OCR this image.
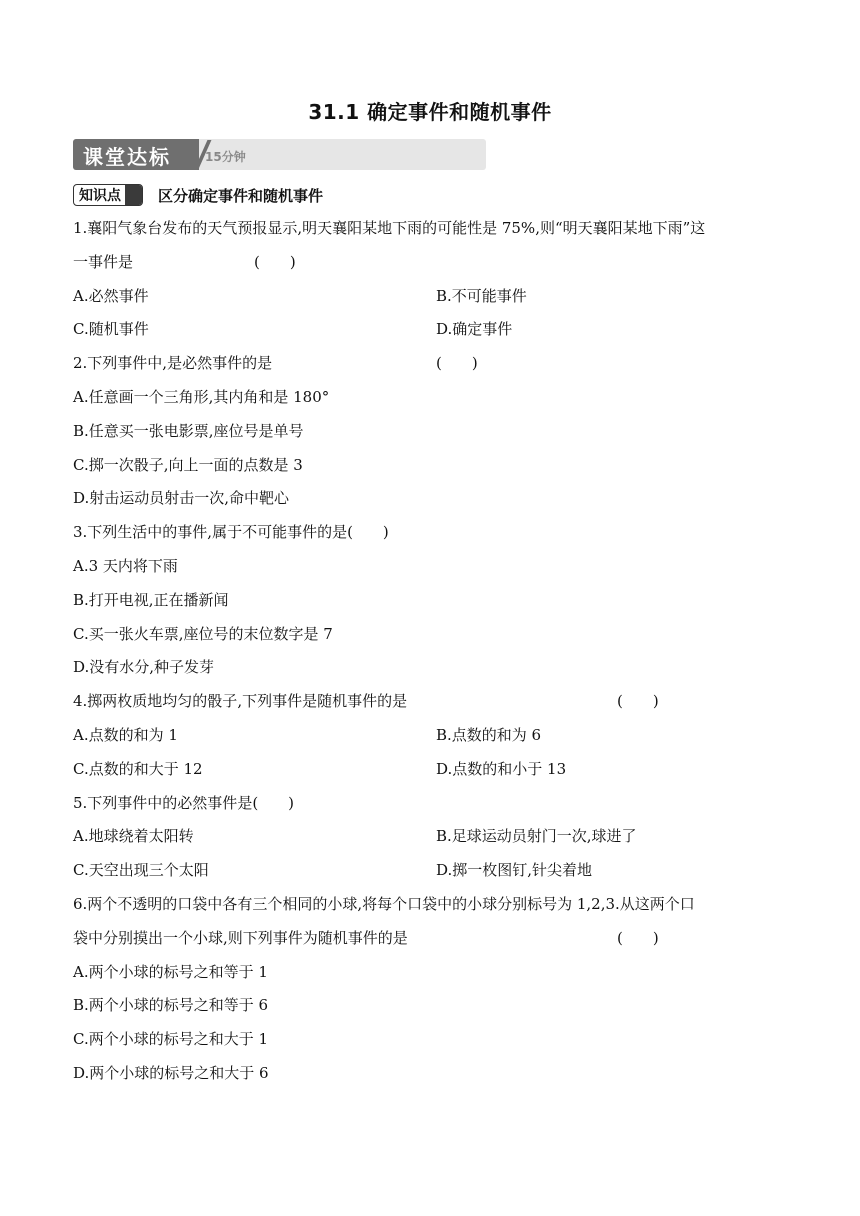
31.1 确定事件和随机事件
课堂达标	15分钟
知识点 区分确定事件和随机事件
1.襄阳气象台发布的天气预报显示,明天襄阳某地下雨的可能性是 75%,则“明天襄阳某地下雨”这
一事件是	(　　)
A.必然事件	B.不可能事件
C.随机事件	D.确定事件
2.下列事件中,是必然事件的是	(　　)
A.任意画一个三角形,其内角和是 180°
B.任意买一张电影票,座位号是单号
C.掷一次骰子,向上一面的点数是 3
D.射击运动员射击一次,命中靶心
3.下列生活中的事件,属于不可能事件的是(　　)
A.3 天内将下雨
B.打开电视,正在播新闻
C.买一张火车票,座位号的末位数字是 7
D.没有水分,种子发芽
4.掷两枚质地均匀的骰子,下列事件是随机事件的是	(　　)
A.点数的和为 1	B.点数的和为 6
C.点数的和大于 12	D.点数的和小于 13
5.下列事件中的必然事件是(　　)
A.地球绕着太阳转	B.足球运动员射门一次,球进了
C.天空出现三个太阳	D.掷一枚图钉,针尖着地
6.两个不透明的口袋中各有三个相同的小球,将每个口袋中的小球分别标号为 1,2,3.从这两个口
袋中分别摸出一个小球,则下列事件为随机事件的是	(　　)
A.两个小球的标号之和等于 1
B.两个小球的标号之和等于 6
C.两个小球的标号之和大于 1
D.两个小球的标号之和大于 6
